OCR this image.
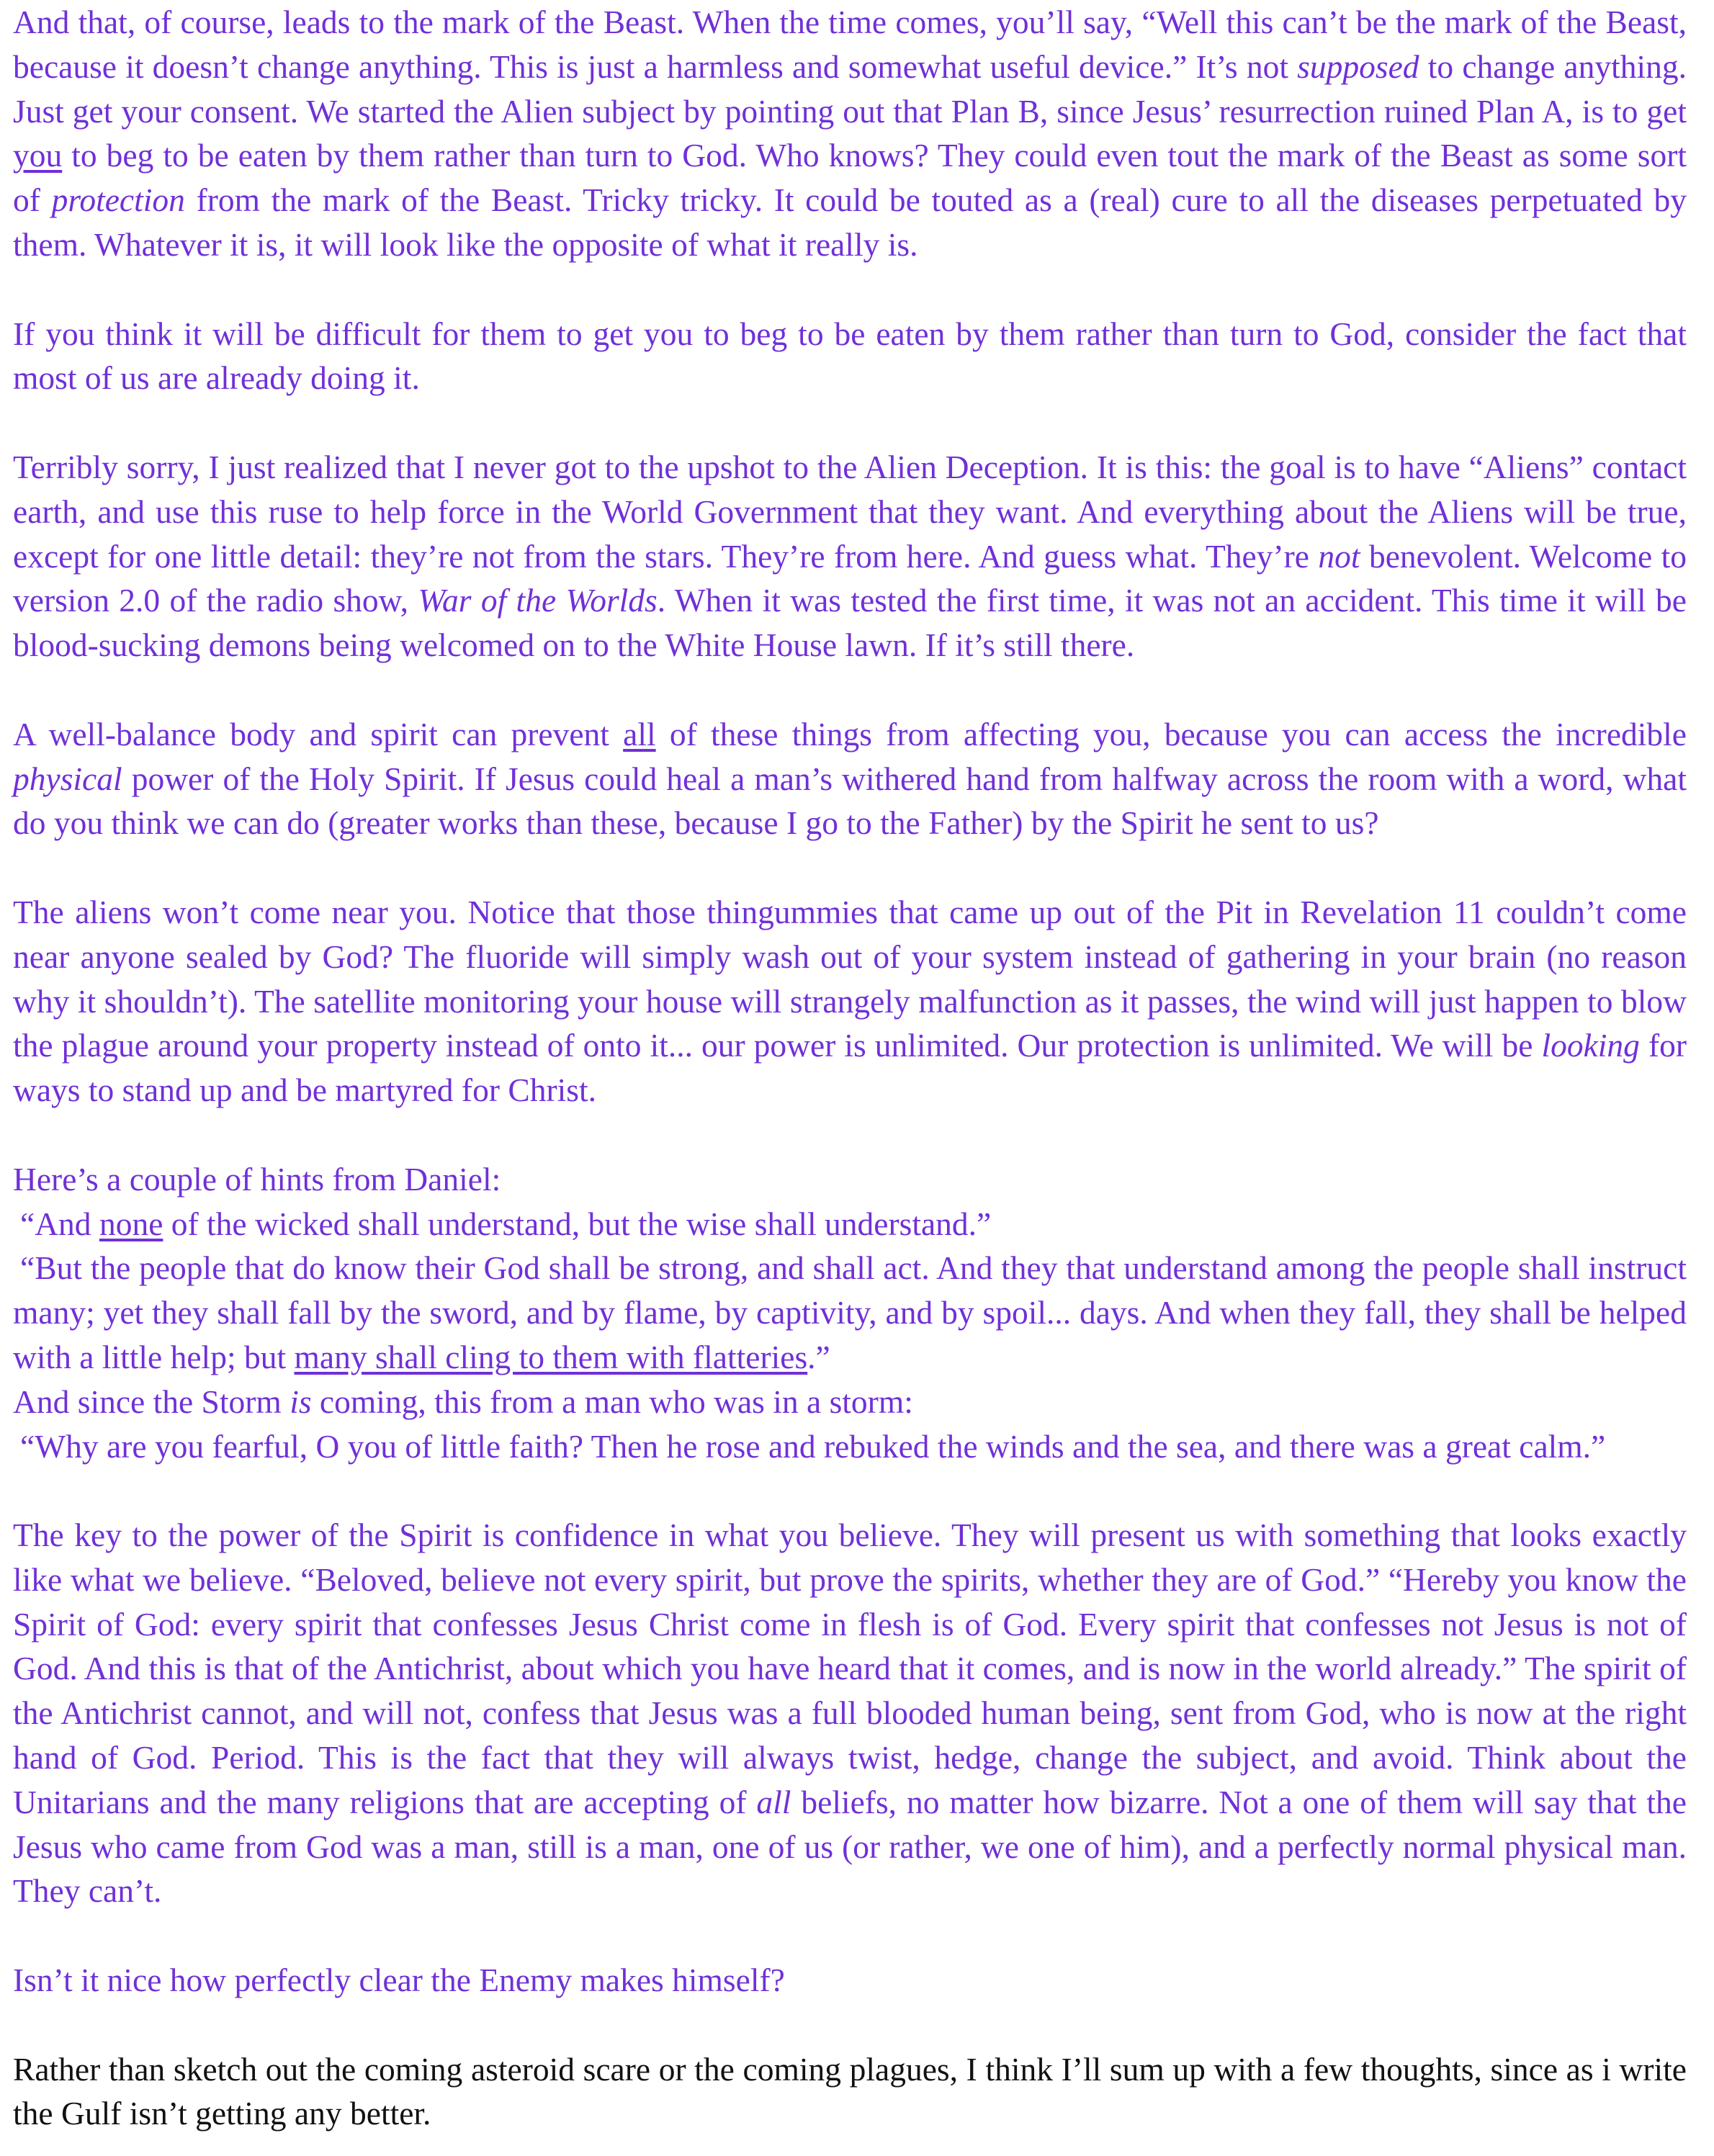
And that, of course, leads to the mark of the Beast. When the time comes, you’ll say, “Well this can’t be the mark of the Beast, because it doesn’t change anything. This is just a harmless and somewhat useful device.” It’s not supposed to change anything. Just get your consent. We started the Alien subject by pointing out that Plan B, since Jesus’ resurrection ruined Plan A, is to get you to beg to be eaten by them rather than turn to God. Who knows? They could even tout the mark of the Beast as some sort of protection from the mark of the Beast. Tricky tricky. It could be touted as a (real) cure to all the diseases perpetuated by them. Whatever it is, it will look like the opposite of what it really is.

If you think it will be difficult for them to get you to beg to be eaten by them rather than turn to God, consider the fact that most of us are already doing it.

Terribly sorry, I just realized that I never got to the upshot to the Alien Deception. It is this: the goal is to have “Aliens” contact earth, and use this ruse to help force in the World Government that they want. And everything about the Aliens will be true, except for one little detail: they’re not from the stars. They’re from here. And guess what. They’re not benevolent. Welcome to version 2.0 of the radio show, War of the Worlds. When it was tested the first time, it was not an accident. This time it will be blood-sucking demons being welcomed on to the White House lawn. If it’s still there.

A well-balance body and spirit can prevent all of these things from affecting you, because you can access the incredible physical power of the Holy Spirit. If Jesus could heal a man’s withered hand from halfway across the room with a word, what do you think we can do (greater works than these, because I go to the Father) by the Spirit he sent to us?

The aliens won’t come near you. Notice that those thingummies that came up out of the Pit in Revelation 11 couldn’t come near anyone sealed by God? The fluoride will simply wash out of your system instead of gathering in your brain (no reason why it shouldn’t). The satellite monitoring your house will strangely malfunction as it passes, the wind will just happen to blow the plague around your property instead of onto it... our power is unlimited. Our protection is unlimited. We will be looking for ways to stand up and be martyred for Christ.

Here’s a couple of hints from Daniel:

“And none of the wicked shall understand, but the wise shall understand.”

“But the people that do know their God shall be strong, and shall act. And they that understand among the people shall instruct many; yet they shall fall by the sword, and by flame, by captivity, and by spoil... days. And when they fall, they shall be helped with a little help; but many shall cling to them with flatteries.”

And since the Storm is coming, this from a man who was in a storm:

“Why are you fearful, O you of little faith? Then he rose and rebuked the winds and the sea, and there was a great calm.”

The key to the power of the Spirit is confidence in what you believe. They will present us with something that looks exactly like what we believe. “Beloved, believe not every spirit, but prove the spirits, whether they are of God.” “Hereby you know the Spirit of God: every spirit that confesses Jesus Christ come in flesh is of God. Every spirit that confesses not Jesus is not of God. And this is that of the Antichrist, about which you have heard that it comes, and is now in the world already.” The spirit of the Antichrist cannot, and will not, confess that Jesus was a full blooded human being, sent from God, who is now at the right hand of God. Period. This is the fact that they will always twist, hedge, change the subject, and avoid. Think about the Unitarians and the many religions that are accepting of all beliefs, no matter how bizarre. Not a one of them will say that the Jesus who came from God was a man, still is a man, one of us (or rather, we one of him), and a perfectly normal physical man. They can’t.

Isn’t it nice how perfectly clear the Enemy makes himself?

Rather than sketch out the coming asteroid scare or the coming plagues, I think I’ll sum up with a few thoughts, since as i write the Gulf isn’t getting any better.
